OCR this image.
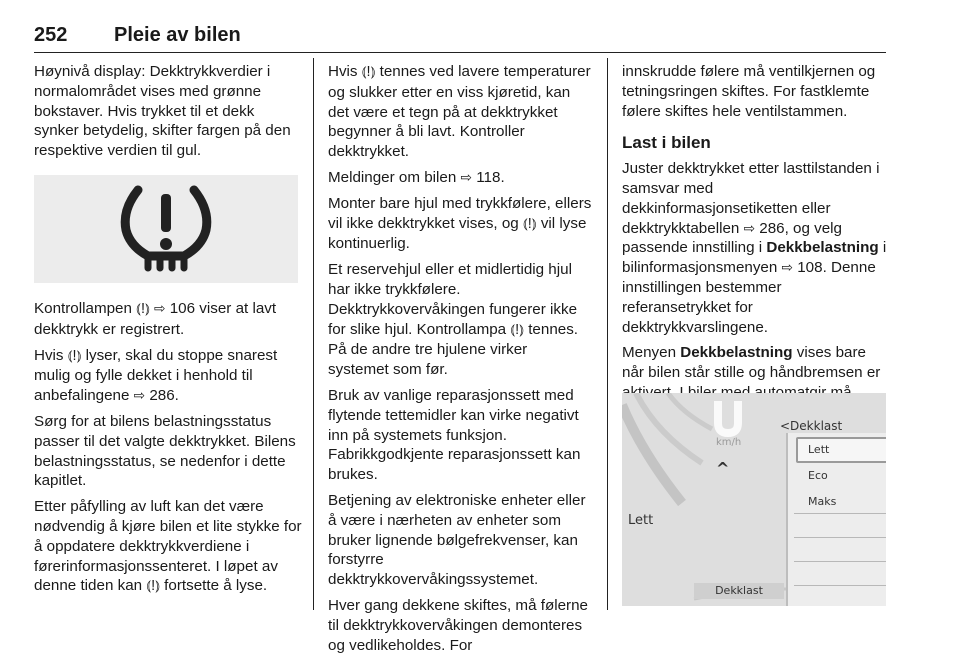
252 Pleie av bilen

Høynivå display: Dekktrykkverdier i normalområdet vises med grønne bokstaver. Hvis trykket til et dekk synker betydelig, skifter fargen på den respektive verdien til gul.

Kontrollampen ⦅!⦆ ⇨ 106 viser at lavt dekktrykk er registrert.

Hvis ⦅!⦆ lyser, skal du stoppe snarest mulig og fylle dekket i henhold til anbefalingene ⇨ 286.

Sørg for at bilens belastningsstatus passer til det valgte dekktrykket. Bilens belastningsstatus, se nedenfor i dette kapitlet.

Etter påfylling av luft kan det være nødvendig å kjøre bilen et lite stykke for å oppdatere dekktrykkverdiene i førerinformasjonssenteret. I løpet av denne tiden kan ⦅!⦆ fortsette å lyse.

Hvis ⦅!⦆ tennes ved lavere temperaturer og slukker etter en viss kjøretid, kan det være et tegn på at dekktrykket begynner å bli lavt. Kontroller dekktrykket.

Meldinger om bilen ⇨ 118.

Monter bare hjul med trykkfølere, ellers vil ikke dekktrykket vises, og ⦅!⦆ vil lyse kontinuerlig.

Et reservehjul eller et midlertidig hjul har ikke trykkfølere. Dekktrykkovervåkingen fungerer ikke for slike hjul. Kontrollampa ⦅!⦆ tennes. På de andre tre hjulene virker systemet som før.

Bruk av vanlige reparasjonssett med flytende tettemidler kan virke negativt inn på systemets funksjon. Fabrikkgodkjente reparasjonssett kan brukes.

Betjening av elektroniske enheter eller å være i nærheten av enheter som bruker lignende bølgefrekvenser, kan forstyrre dekktrykkovervåkingssystemet.

Hver gang dekkene skiftes, må følerne til dekktrykkovervåkingen demonteres og vedlikeholdes. For

innskrudde følere må ventilkjernen og tetningsringen skiftes. For fastklemte følere skiftes hele ventilstammen.

Last i bilen

Juster dekktrykket etter lasttilstanden i samsvar med dekkinformasjonsetiketten eller dekktrykktabellen ⇨ 286, og velg passende innstilling i Dekkbelastning i bilinformasjonsmenyen ⇨ 108. Denne innstillingen bestemmer referansetrykket for dekktrykkvarslingene.

Menyen Dekkbelastning vises bare når bilen står stille og håndbremsen er

km/h
<Dekklast
^
Lett
Lett
Eco
Maks
Dekklast
